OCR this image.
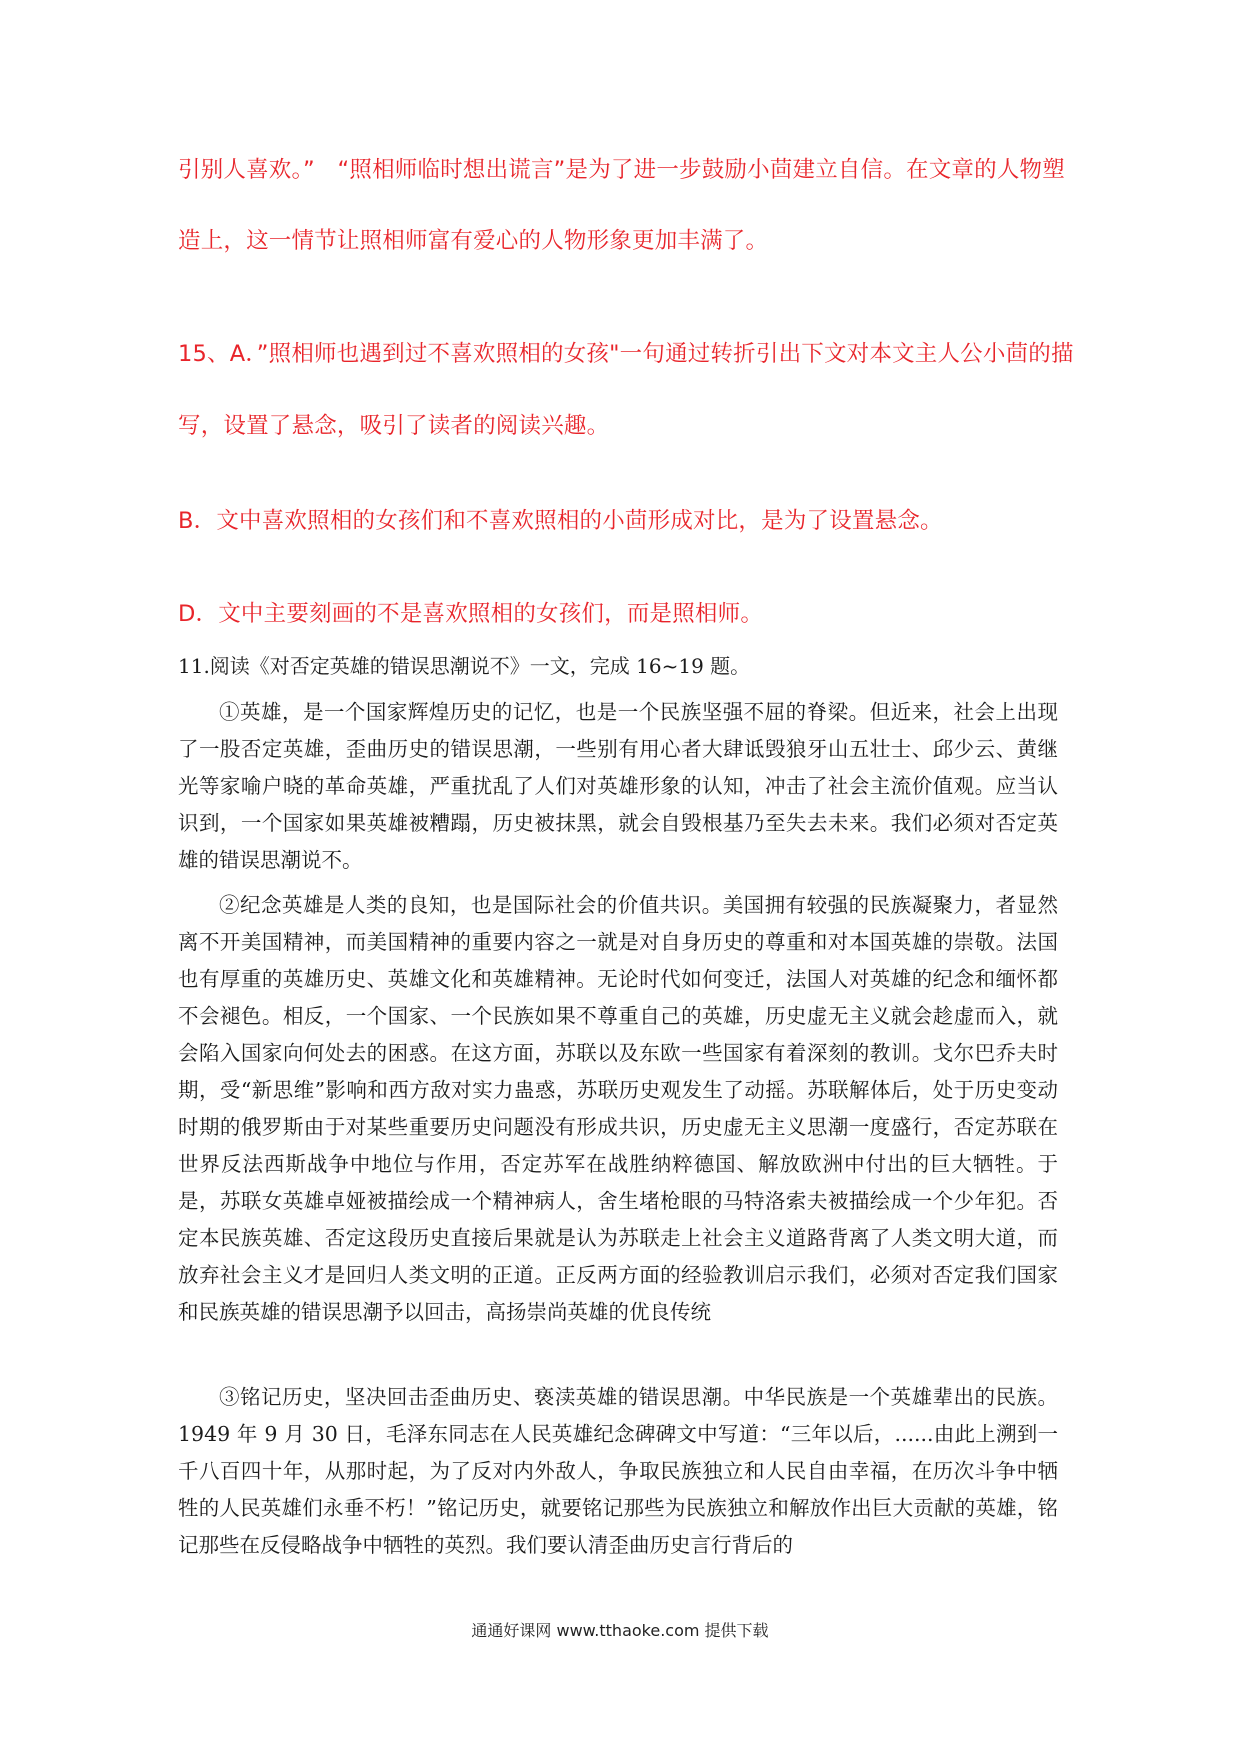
引别人喜欢。”　“照相师临时想出谎言”是为了进一步鼓励小茴建立自信。在文章的人物塑
造上，这一情节让照相师富有爱心的人物形象更加丰满了。
15、A．”照相师也遇到过不喜欢照相的女孩"一句通过转折引出下文对本文主人公小茴的描
写，设置了悬念，吸引了读者的阅读兴趣。
B．文中喜欢照相的女孩们和不喜欢照相的小茴形成对比，是为了设置悬念。
D．文中主要刻画的不是喜欢照相的女孩们，而是照相师。
11.阅读《对否定英雄的错误思潮说不》一文，完成 16~19 题。
①英雄，是一个国家辉煌历史的记忆，也是一个民族坚强不屈的脊梁。但近来，社会上出现了一股否定英雄，歪曲历史的错误思潮，一些别有用心者大肆诋毁狼牙山五壮士、邱少云、黄继光等家喻户晓的革命英雄，严重扰乱了人们对英雄形象的认知，冲击了社会主流价值观。应当认识到，一个国家如果英雄被糟蹋，历史被抹黑，就会自毁根基乃至失去未来。我们必须对否定英雄的错误思潮说不。
②纪念英雄是人类的良知，也是国际社会的价值共识。美国拥有较强的民族凝聚力，者显然离不开美国精神，而美国精神的重要内容之一就是对自身历史的尊重和对本国英雄的崇敬。法国也有厚重的英雄历史、英雄文化和英雄精神。无论时代如何变迁，法国人对英雄的纪念和缅怀都不会褪色。相反，一个国家、一个民族如果不尊重自己的英雄，历史虚无主义就会趁虚而入，就会陷入国家向何处去的困惑。在这方面，苏联以及东欧一些国家有着深刻的教训。戈尔巴乔夫时期，受“新思维”影响和西方敌对实力蛊惑，苏联历史观发生了动摇。苏联解体后，处于历史变动时期的俄罗斯由于对某些重要历史问题没有形成共识，历史虚无主义思潮一度盛行，否定苏联在世界反法西斯战争中地位与作用，否定苏军在战胜纳粹德国、解放欧洲中付出的巨大牺牲。于是，苏联女英雄卓娅被描绘成一个精神病人，舍生堵枪眼的马特洛索夫被描绘成一个少年犯。否定本民族英雄、否定这段历史直接后果就是认为苏联走上社会主义道路背离了人类文明大道，而放弃社会主义才是回归人类文明的正道。正反两方面的经验教训启示我们，必须对否定我们国家和民族英雄的错误思潮予以回击，高扬崇尚英雄的优良传统
③铭记历史，坚决回击歪曲历史、亵渎英雄的错误思潮。中华民族是一个英雄辈出的民族。1949 年 9 月 30 日，毛泽东同志在人民英雄纪念碑碑文中写道：“三年以后，......由此上溯到一千八百四十年，从那时起，为了反对内外敌人，争取民族独立和人民自由幸福，在历次斗争中牺牲的人民英雄们永垂不朽！”铭记历史，就要铭记那些为民族独立和解放作出巨大贡献的英雄，铭记那些在反侵略战争中牺牲的英烈。我们要认清歪曲历史言行背后的
通通好课网 www.tthaoke.com 提供下载
